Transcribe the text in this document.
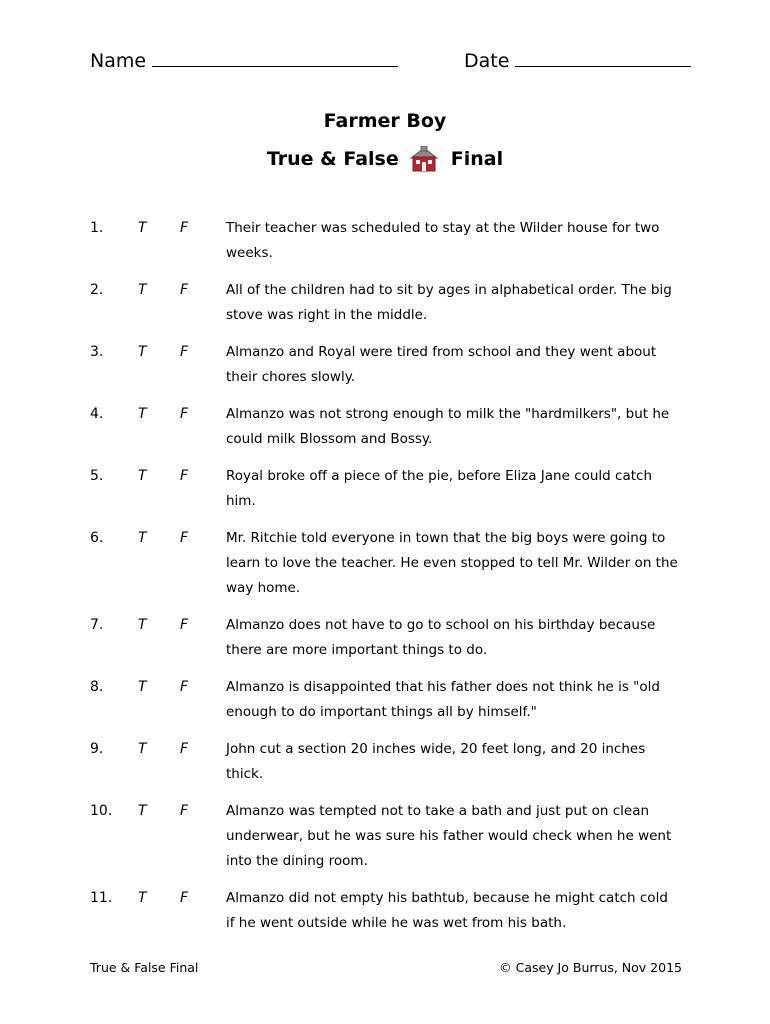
Name	Date
Farmer Boy
True & False	Final
1.	T	F	Their teacher was scheduled to stay at the Wilder house for two weeks.
2.	T	F	All of the children had to sit by ages in alphabetical order. The big stove was right in the middle.
3.	T	F	Almanzo and Royal were tired from school and they went about their chores slowly.
4.	T	F	Almanzo was not strong enough to milk the "hardmilkers", but he could milk Blossom and Bossy.
5.	T	F	Royal broke off a piece of the pie, before Eliza Jane could catch him.
6.	T	F	Mr. Ritchie told everyone in town that the big boys were going to learn to love the teacher. He even stopped to tell Mr. Wilder on the way home.
7.	T	F	Almanzo does not have to go to school on his birthday because there are more important things to do.
8.	T	F	Almanzo is disappointed that his father does not think he is "old enough to do important things all by himself."
9.	T	F	John cut a section 20 inches wide, 20 feet long, and 20 inches thick.
10.	T	F	Almanzo was tempted not to take a bath and just put on clean underwear, but he was sure his father would check when he went into the dining room.
11.	T	F	Almanzo did not empty his bathtub, because he might catch cold if he went outside while he was wet from his bath.
True & False Final	© Casey Jo Burrus, Nov 2015
